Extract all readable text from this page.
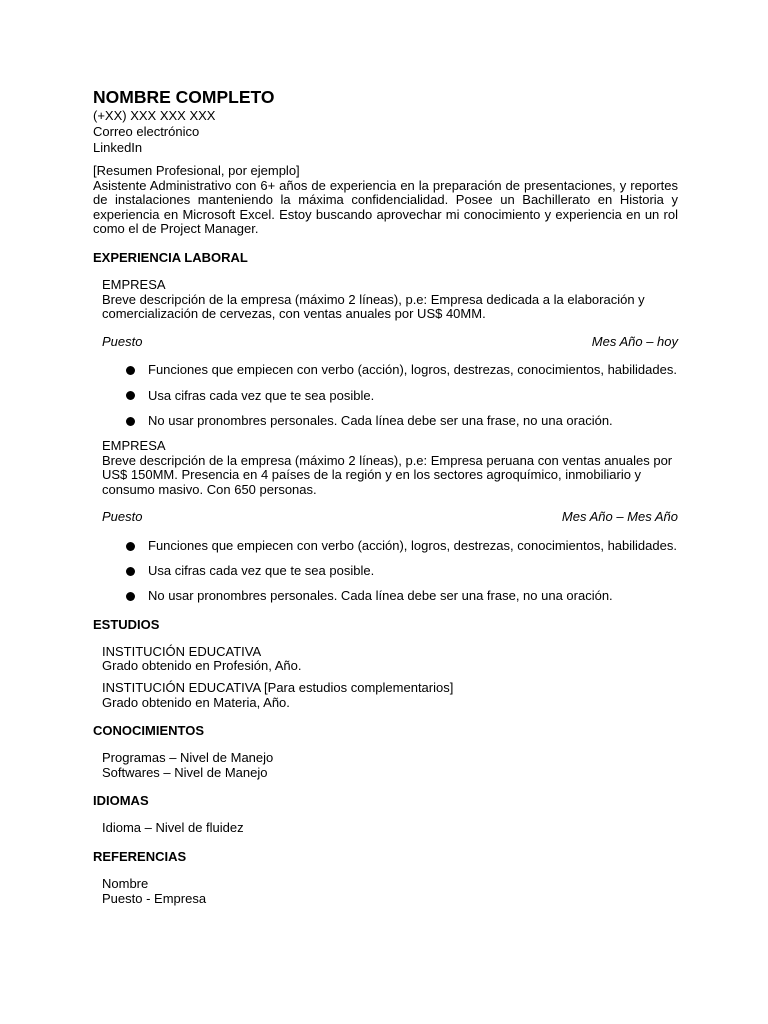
NOMBRE COMPLETO
(+XX) XXX XXX XXX
Correo electrónico
LinkedIn
[Resumen Profesional, por ejemplo]
Asistente Administrativo con 6+ años de experiencia en la preparación de presentaciones, y reportes de instalaciones manteniendo la máxima confidencialidad. Posee un Bachillerato en Historia y experiencia en Microsoft Excel. Estoy buscando aprovechar mi conocimiento y experiencia en un rol como el de Project Manager.
EXPERIENCIA LABORAL
EMPRESA
Breve descripción de la empresa (máximo 2 líneas), p.e: Empresa dedicada a la elaboración y comercialización de cervezas, con ventas anuales por US$ 40MM.
Puesto	Mes Año – hoy
Funciones que empiecen con verbo (acción), logros, destrezas, conocimientos, habilidades.
Usa cifras cada vez que te sea posible.
No usar pronombres personales. Cada línea debe ser una frase, no una oración.
EMPRESA
Breve descripción de la empresa (máximo 2 líneas), p.e: Empresa peruana con ventas anuales por US$ 150MM. Presencia en 4 países de la región y en los sectores agroquímico, inmobiliario y consumo masivo. Con 650 personas.
Puesto	Mes Año – Mes Año
Funciones que empiecen con verbo (acción), logros, destrezas, conocimientos, habilidades.
Usa cifras cada vez que te sea posible.
No usar pronombres personales. Cada línea debe ser una frase, no una oración.
ESTUDIOS
INSTITUCIÓN EDUCATIVA
Grado obtenido en Profesión, Año.
INSTITUCIÓN EDUCATIVA [Para estudios complementarios]
Grado obtenido en Materia, Año.
CONOCIMIENTOS
Programas – Nivel de Manejo
Softwares – Nivel de Manejo
IDIOMAS
Idioma – Nivel de fluidez
REFERENCIAS
Nombre
Puesto - Empresa
